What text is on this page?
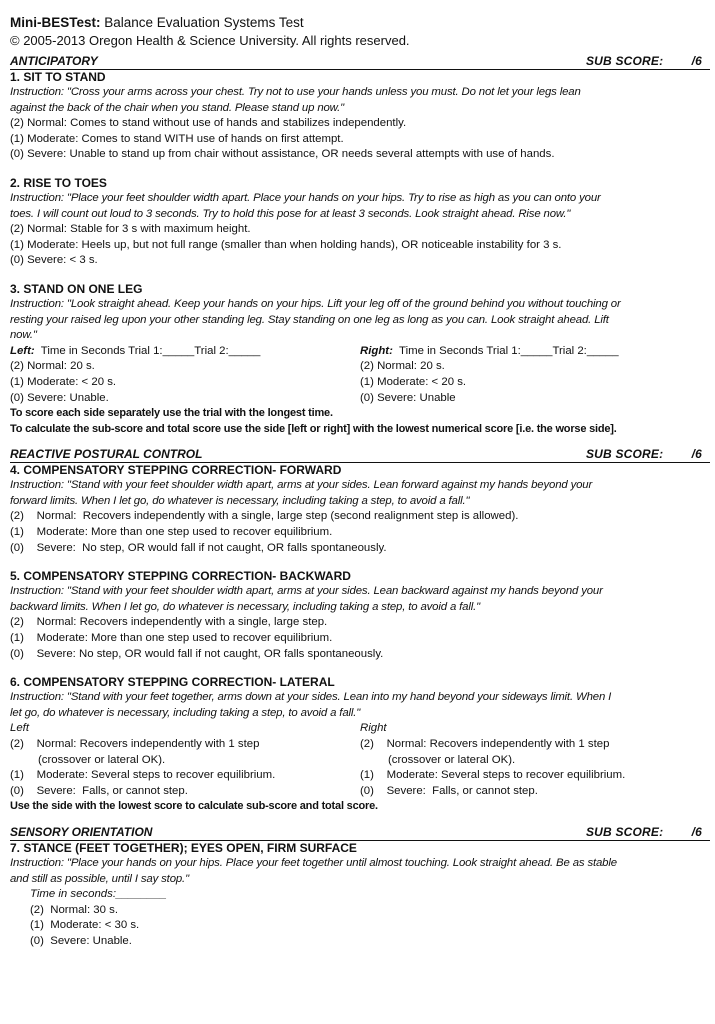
Mini-BESTest: Balance Evaluation Systems Test
© 2005-2013 Oregon Health & Science University. All rights reserved.
ANTICIPATORY	SUB SCORE:        /6
1. SIT TO STAND
Instruction: "Cross your arms across your chest. Try not to use your hands unless you must. Do not let your legs lean
against the back of the chair when you stand. Please stand up now."
(2) Normal: Comes to stand without use of hands and stabilizes independently.
(1) Moderate: Comes to stand WITH use of hands on first attempt.
(0) Severe: Unable to stand up from chair without assistance, OR needs several attempts with use of hands.
2. RISE TO TOES
Instruction: "Place your feet shoulder width apart. Place your hands on your hips. Try to rise as high as you can onto your
toes. I will count out loud to 3 seconds. Try to hold this pose for at least 3 seconds. Look straight ahead. Rise now."
(2) Normal: Stable for 3 s with maximum height.
(1) Moderate: Heels up, but not full range (smaller than when holding hands), OR noticeable instability for 3 s.
(0) Severe: < 3 s.
3. STAND ON ONE LEG
Instruction: "Look straight ahead. Keep your hands on your hips. Lift your leg off of the ground behind you without touching or
resting your raised leg upon your other standing leg. Stay standing on one leg as long as you can. Look straight ahead. Lift
now."
Left:  Time in Seconds Trial 1:_____Trial 2:_____	Right:  Time in Seconds Trial 1:_____Trial 2:_____
(2) Normal: 20 s.	(2) Normal: 20 s.
(1) Moderate: < 20 s.	(1) Moderate: < 20 s.
(0) Severe: Unable.	(0) Severe: Unable
To score each side separately use the trial with the longest time.
To calculate the sub-score and total score use the side [left or right] with the lowest numerical score [i.e. the worse side].
REACTIVE POSTURAL CONTROL	SUB SCORE:        /6
4. COMPENSATORY STEPPING CORRECTION- FORWARD
Instruction: "Stand with your feet shoulder width apart, arms at your sides. Lean forward against my hands beyond your
forward limits. When I let go, do whatever is necessary, including taking a step, to avoid a fall."
(2)    Normal:  Recovers independently with a single, large step (second realignment step is allowed).
(1)    Moderate: More than one step used to recover equilibrium.
(0)    Severe:  No step, OR would fall if not caught, OR falls spontaneously.
5. COMPENSATORY STEPPING CORRECTION- BACKWARD
Instruction: "Stand with your feet shoulder width apart, arms at your sides. Lean backward against my hands beyond your
backward limits. When I let go, do whatever is necessary, including taking a step, to avoid a fall."
(2)    Normal: Recovers independently with a single, large step.
(1)    Moderate: More than one step used to recover equilibrium.
(0)    Severe: No step, OR would fall if not caught, OR falls spontaneously.
6. COMPENSATORY STEPPING CORRECTION- LATERAL
Instruction: "Stand with your feet together, arms down at your sides. Lean into my hand beyond your sideways limit. When I
let go, do whatever is necessary, including taking a step, to avoid a fall."
Left	Right
(2)    Normal: Recovers independently with 1 step	(2)    Normal: Recovers independently with 1 step
(crossover or lateral OK).	(crossover or lateral OK).
(1)    Moderate: Several steps to recover equilibrium.	(1)    Moderate: Several steps to recover equilibrium.
(0)    Severe:  Falls, or cannot step.	(0)    Severe:  Falls, or cannot step.
Use the side with the lowest score to calculate sub-score and total score.
SENSORY ORIENTATION	SUB SCORE:        /6
7. STANCE (FEET TOGETHER); EYES OPEN, FIRM SURFACE
Instruction: "Place your hands on your hips. Place your feet together until almost touching. Look straight ahead. Be as stable
and still as possible, until I say stop."
Time in seconds:________
(2)  Normal: 30 s.
(1)  Moderate: < 30 s.
(0)  Severe: Unable.
